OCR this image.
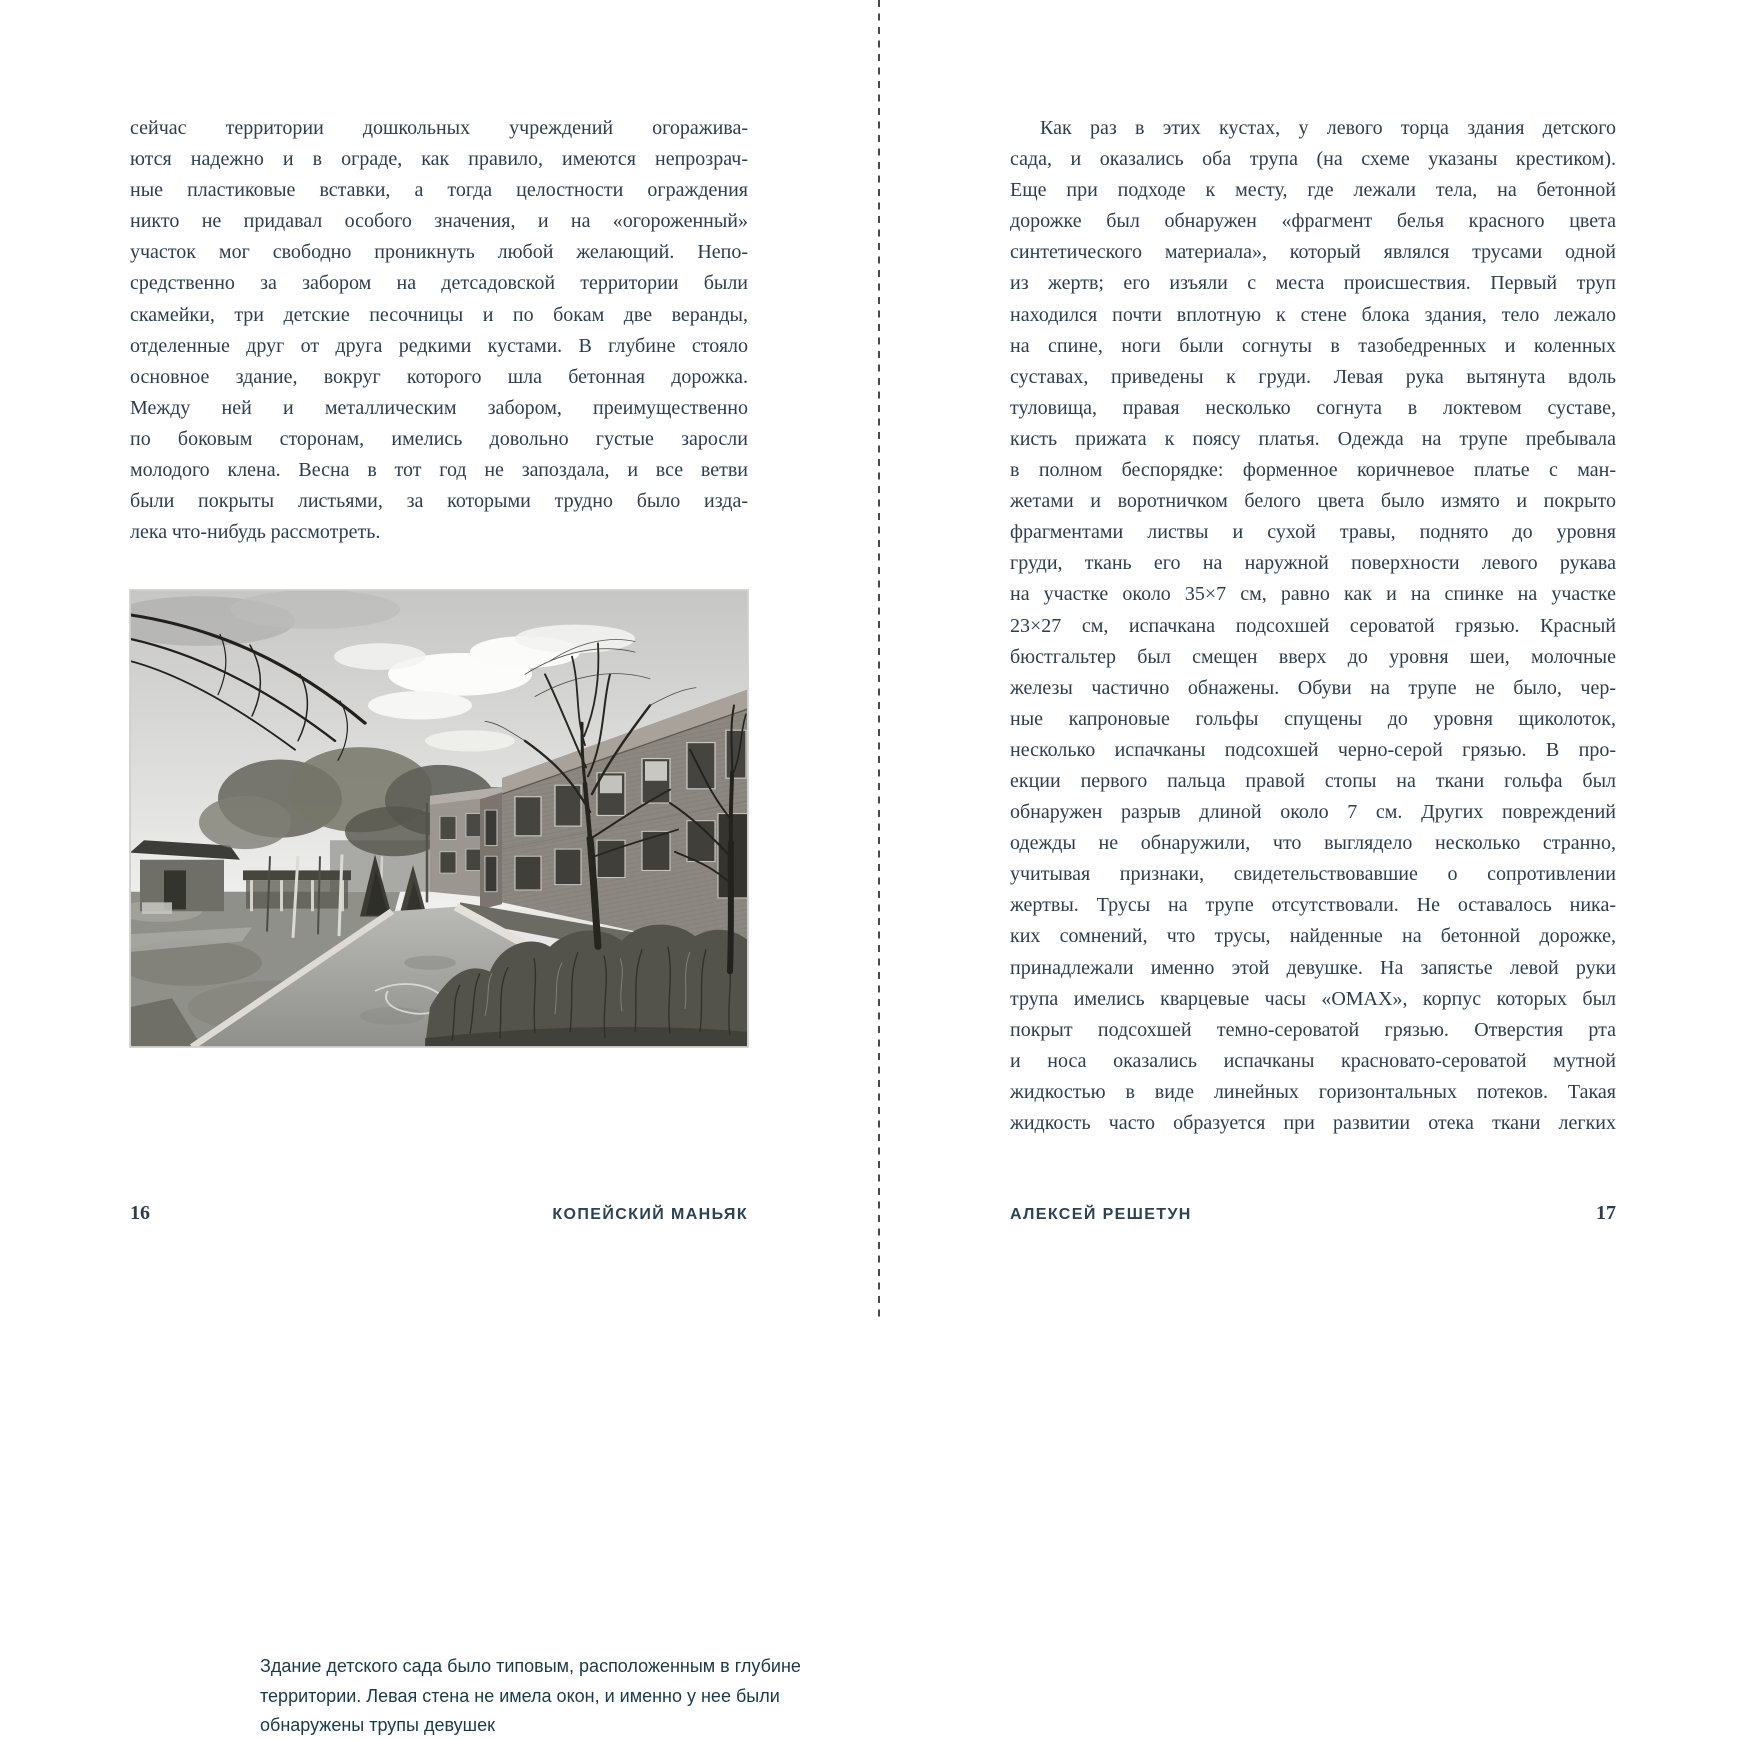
сейчас территории дошкольных учреждений огоражива-
ются надежно и в ограде, как правило, имеются непрозрач-
ные пластиковые вставки, а тогда целостности ограждения
никто не придавал особого значения, и на «огороженный»
участок мог свободно проникнуть любой желающий. Непо-
средственно за забором на детсадовской территории были
скамейки, три детские песочницы и по бокам две веранды,
отделенные друг от друга редкими кустами. В глубине стояло
основное здание, вокруг которого шла бетонная дорожка.
Между ней и металлическим забором, преимущественно
по боковым сторонам, имелись довольно густые заросли
молодого клена. Весна в тот год не запоздала, и все ветви
были покрыты листьями, за которыми трудно было изда-
лека что-нибудь рассмотреть.
Здание детского сада было типовым, расположенным в глубине
территории. Левая стена не имела окон, и именно у нее были
обнаружены трупы девушек
16	КОПЕЙСКИЙ МАНЬЯК
Как раз в этих кустах, у левого торца здания детского
сада, и оказались оба трупа (на схеме указаны крестиком).
Еще при подходе к месту, где лежали тела, на бетонной
дорожке был обнаружен «фрагмент белья красного цвета
синтетического материала», который являлся трусами одной
из жертв; его изъяли с места происшествия. Первый труп
находился почти вплотную к стене блока здания, тело лежало
на спине, ноги были согнуты в тазобедренных и коленных
суставах, приведены к груди. Левая рука вытянута вдоль
туловища, правая несколько согнута в локтевом суставе,
кисть прижата к поясу платья. Одежда на трупе пребывала
в полном беспорядке: форменное коричневое платье с ман-
жетами и воротничком белого цвета было измято и покрыто
фрагментами листвы и сухой травы, поднято до уровня
груди, ткань его на наружной поверхности левого рукава
на участке около 35×7 см, равно как и на спинке на участке
23×27 см, испачкана подсохшей сероватой грязью. Красный
бюстгальтер был смещен вверх до уровня шеи, молочные
железы частично обнажены. Обуви на трупе не было, чер-
ные капроновые гольфы спущены до уровня щиколоток,
несколько испачканы подсохшей черно-серой грязью. В про-
екции первого пальца правой стопы на ткани гольфа был
обнаружен разрыв длиной около 7 см. Других повреждений
одежды не обнаружили, что выглядело несколько странно,
учитывая признаки, свидетельствовавшие о сопротивлении
жертвы. Трусы на трупе отсутствовали. Не оставалось ника-
ких сомнений, что трусы, найденные на бетонной дорожке,
принадлежали именно этой девушке. На запястье левой руки
трупа имелись кварцевые часы «ОМАХ», корпус которых был
покрыт подсохшей темно-сероватой грязью. Отверстия рта
и носа оказались испачканы красновато-сероватой мутной
жидкостью в виде линейных горизонтальных потеков. Такая
жидкость часто образуется при развитии отека ткани легких
АЛЕКСЕЙ РЕШЕТУН	17
